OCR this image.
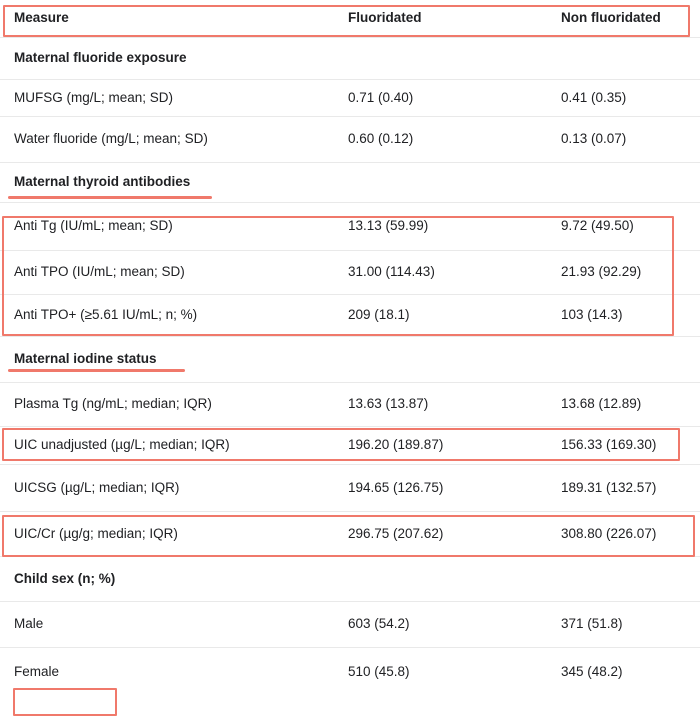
Measure	Fluoridated	Non fluoridated
Maternal fluoride exposure
MUFSG (mg/L; mean; SD)	0.71 (0.40)	0.41 (0.35)
Water fluoride (mg/L; mean; SD)	0.60 (0.12)	0.13 (0.07)
Maternal thyroid antibodies
Anti Tg (IU/mL; mean; SD)	13.13 (59.99)	9.72 (49.50)
Anti TPO (IU/mL; mean; SD)	31.00 (114.43)	21.93 (92.29)
Anti TPO+ (≥5.61 IU/mL; n; %)	209 (18.1)	103 (14.3)
Maternal iodine status
Plasma Tg (ng/mL; median; IQR)	13.63 (13.87)	13.68 (12.89)
UIC unadjusted (µg/L; median; IQR)	196.20 (189.87)	156.33 (169.30)
UICSG (µg/L; median; IQR)	194.65 (126.75)	189.31 (132.57)
UIC/Cr (µg/g; median; IQR)	296.75 (207.62)	308.80 (226.07)
Child sex (n; %)
Male	603 (54.2)	371 (51.8)
Female	510 (45.8)	345 (48.2)
